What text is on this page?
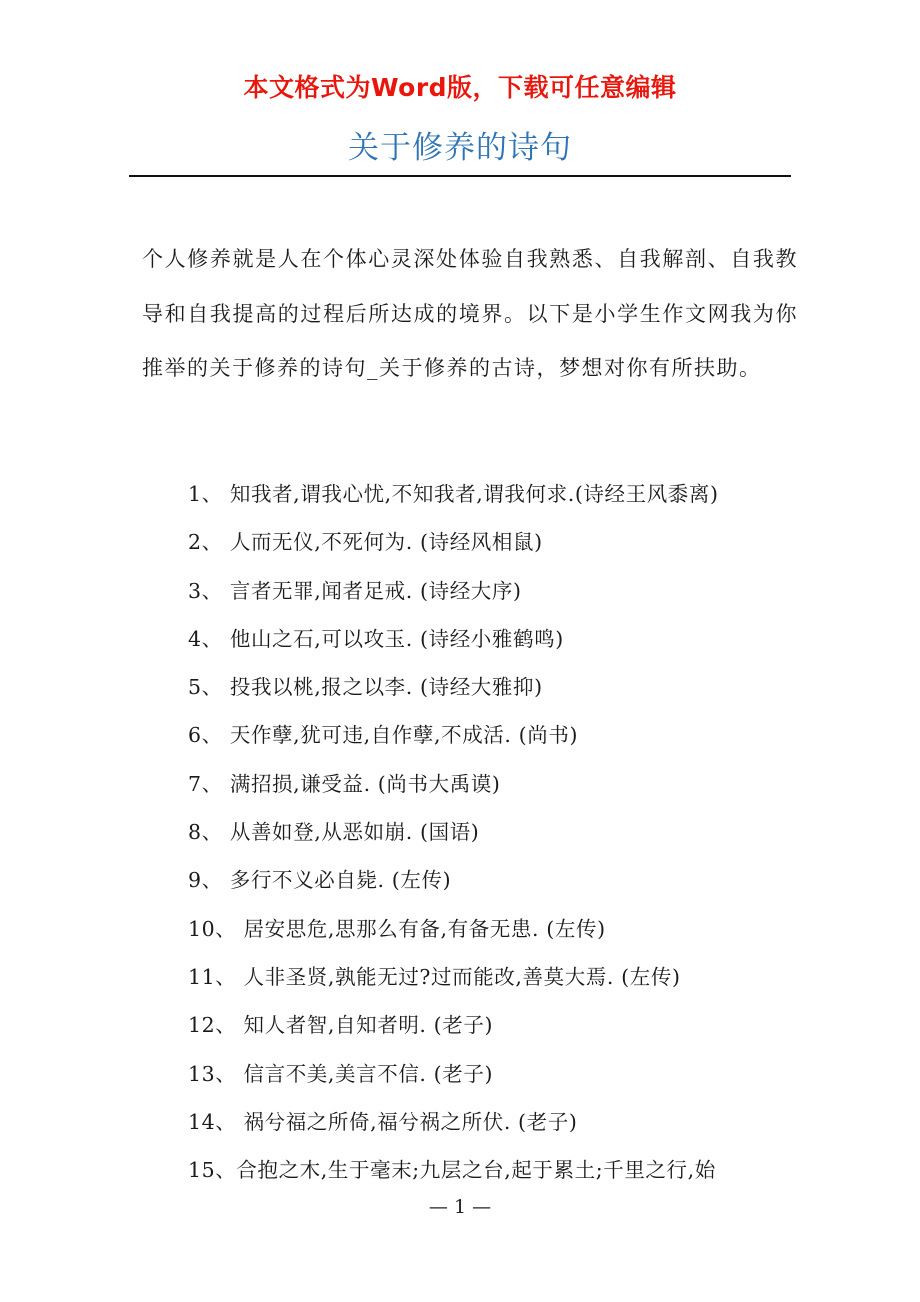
本文格式为Word版，下载可任意编辑
关于修养的诗句

个人修养就是人在个体心灵深处体验自我熟悉、自我解剖、自我教导和自我提高的过程后所达成的境界。以下是小学生作文网我为你推举的关于修养的诗句_关于修养的古诗，梦想对你有所扶助。

1、 知我者,谓我心忧,不知我者,谓我何求.(诗经王风黍离)
2、 人而无仪,不死何为. (诗经风相鼠)
3、 言者无罪,闻者足戒. (诗经大序)
4、 他山之石,可以攻玉. (诗经小雅鹤鸣)
5、 投我以桃,报之以李. (诗经大雅抑)
6、 天作孽,犹可违,自作孽,不成活. (尚书)
7、 满招损,谦受益. (尚书大禹谟)
8、 从善如登,从恶如崩. (国语)
9、 多行不义必自毙. (左传)
10、 居安思危,思那么有备,有备无患. (左传)
11、 人非圣贤,孰能无过?过而能改,善莫大焉. (左传)
12、 知人者智,自知者明. (老子)
13、 信言不美,美言不信. (老子)
14、 祸兮福之所倚,福兮祸之所伏. (老子)
15、合抱之木,生于毫末;九层之台,起于累土;千里之行,始
— 1 —
